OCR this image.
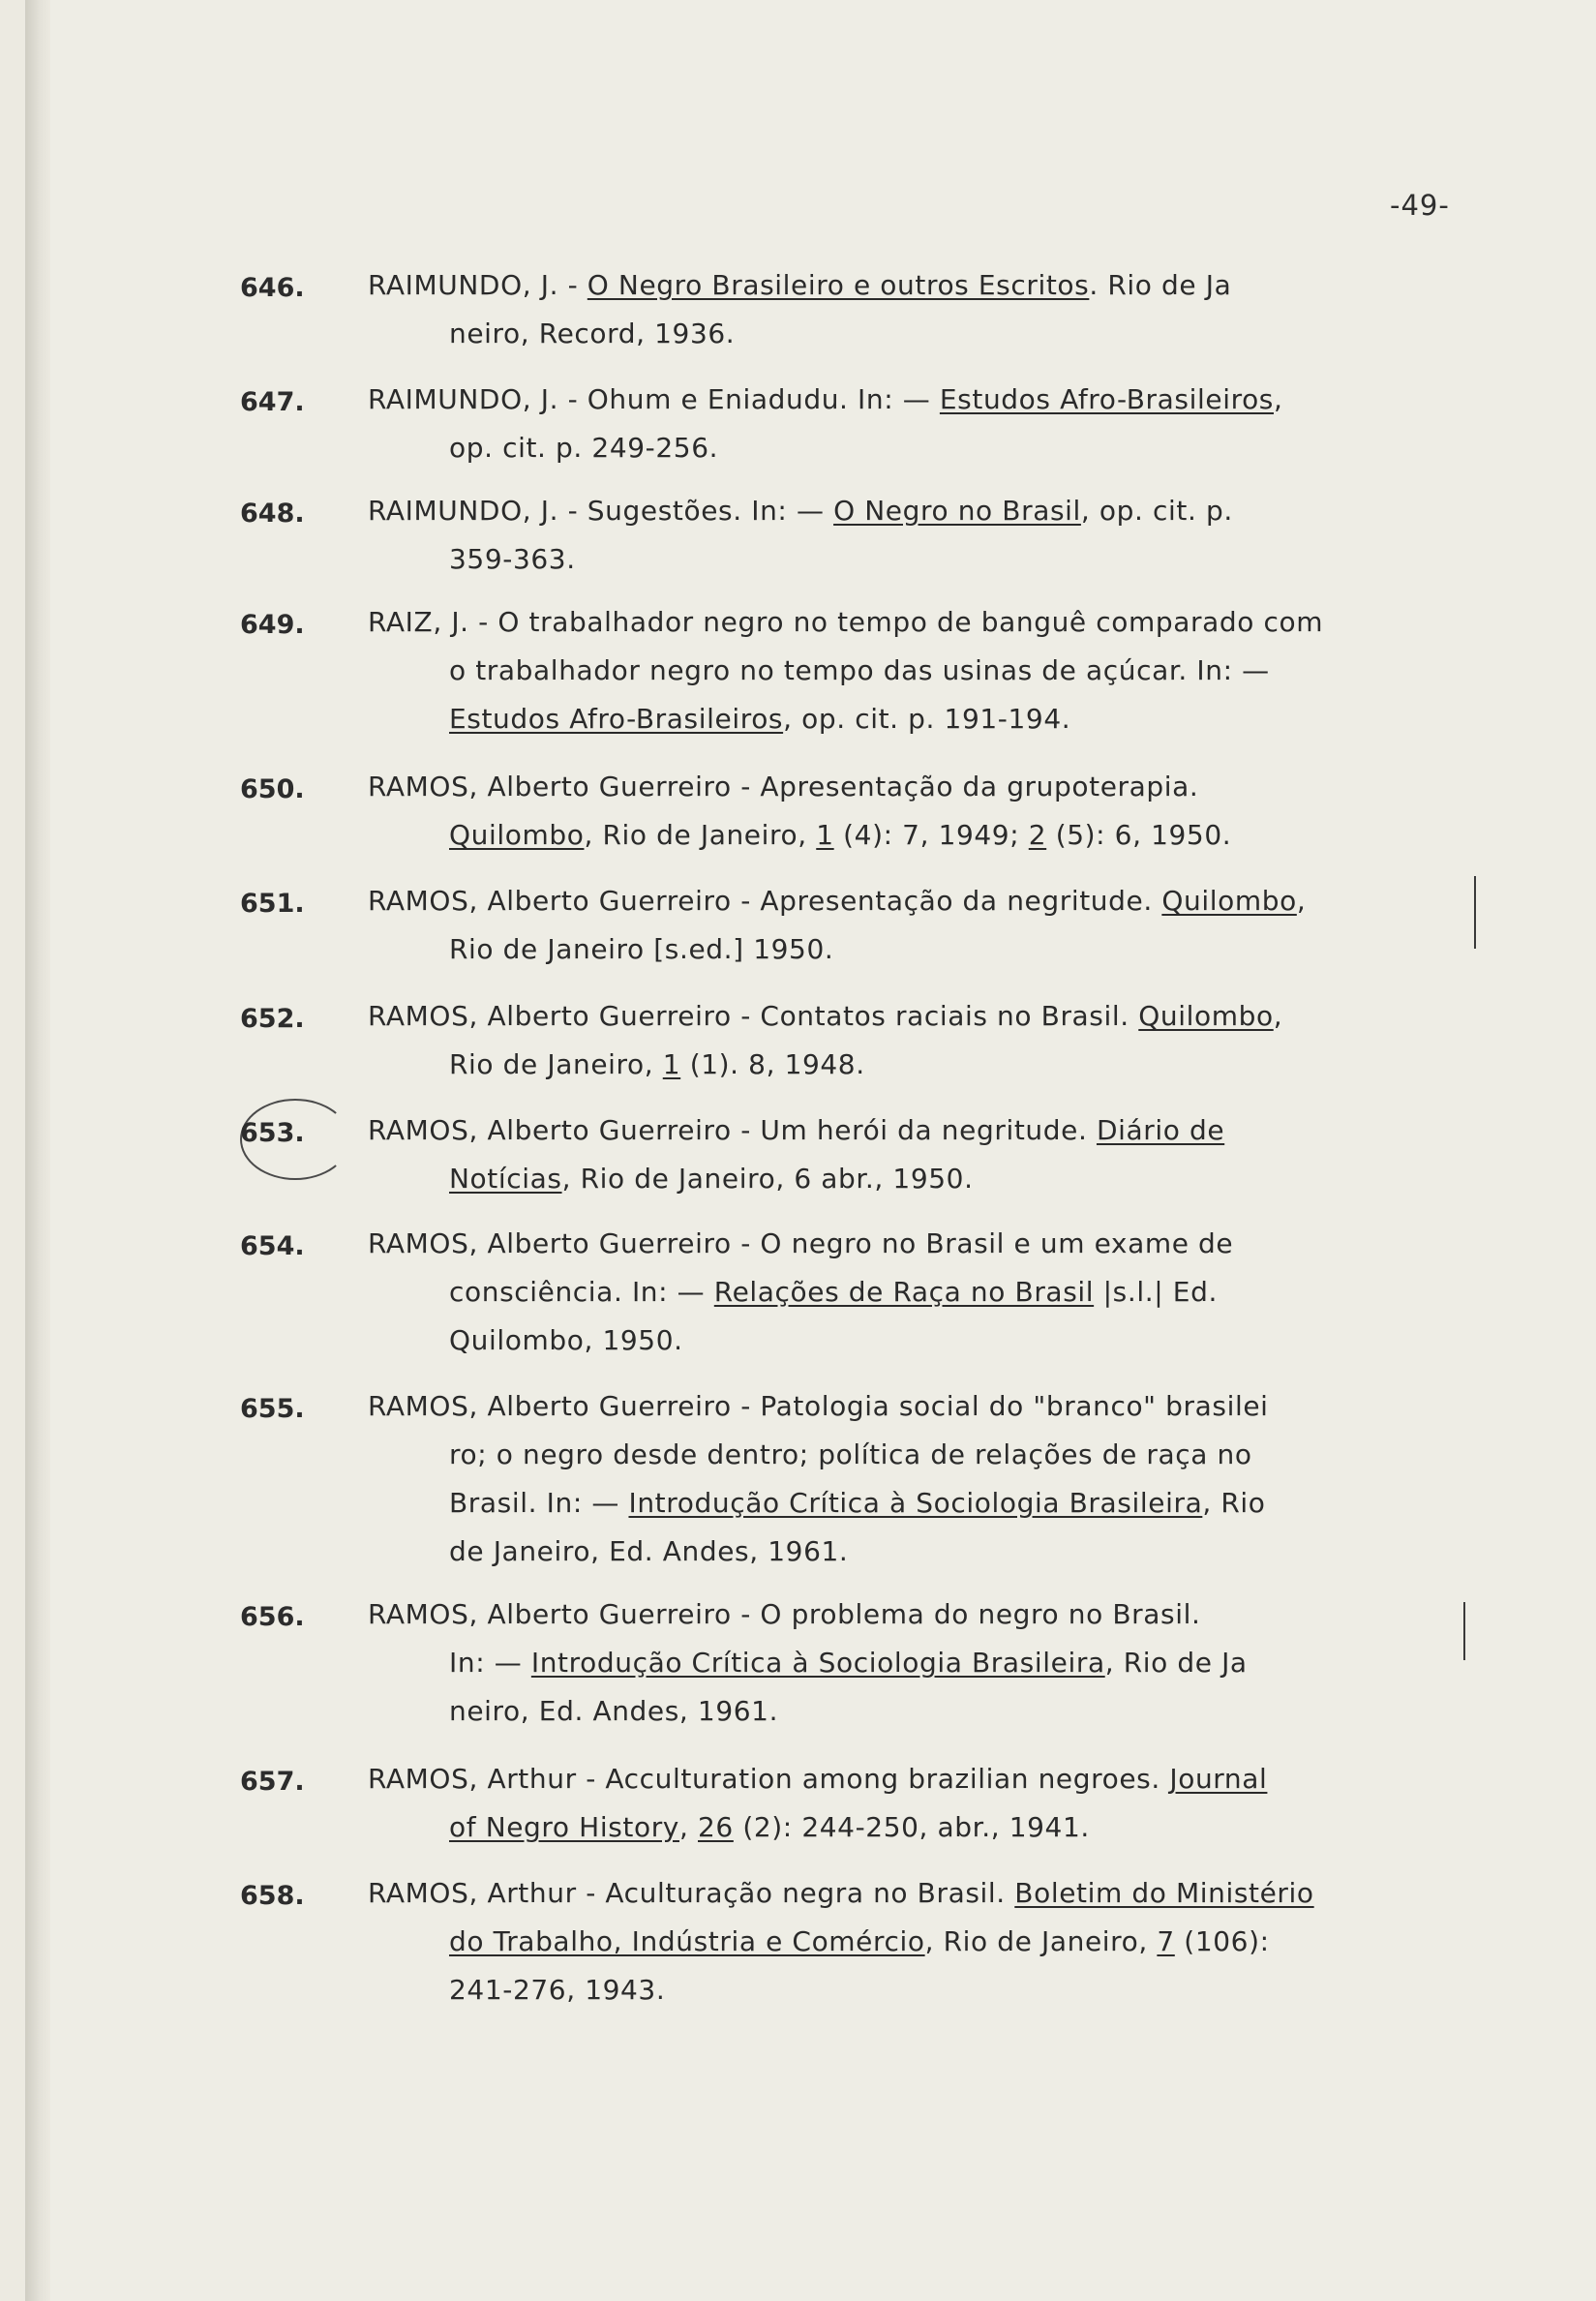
-49-
646.	RAIMUNDO, J. - O Negro Brasileiro e outros Escritos. Rio de Ja
neiro, Record, 1936.
647.	RAIMUNDO, J. - Ohum e Eniadudu. In: — Estudos Afro-Brasileiros,
op. cit. p. 249-256.
648.	RAIMUNDO, J. - Sugestões. In: — O Negro no Brasil, op. cit. p.
359-363.
649.	RAIZ, J. - O trabalhador negro no tempo de banguê comparado com
o trabalhador negro no tempo das usinas de açúcar. In: —
Estudos Afro-Brasileiros, op. cit. p. 191-194.
650.	RAMOS, Alberto Guerreiro - Apresentação da grupoterapia.
Quilombo, Rio de Janeiro, 1 (4): 7, 1949; 2 (5): 6, 1950.
651.	RAMOS, Alberto Guerreiro - Apresentação da negritude. Quilombo,
Rio de Janeiro [s.ed.] 1950.
652.	RAMOS, Alberto Guerreiro - Contatos raciais no Brasil. Quilombo,
Rio de Janeiro, 1 (1). 8, 1948.
653.	RAMOS, Alberto Guerreiro - Um herói da negritude. Diário de
Notícias, Rio de Janeiro, 6 abr., 1950.
654.	RAMOS, Alberto Guerreiro - O negro no Brasil e um exame de
consciência. In: — Relações de Raça no Brasil |s.l.| Ed.
Quilombo, 1950.
655.	RAMOS, Alberto Guerreiro - Patologia social do "branco" brasilei
ro; o negro desde dentro; política de relações de raça no
Brasil. In: — Introdução Crítica à Sociologia Brasileira, Rio
de Janeiro, Ed. Andes, 1961.
656.	RAMOS, Alberto Guerreiro - O problema do negro no Brasil.
In: — Introdução Crítica à Sociologia Brasileira, Rio de Ja
neiro, Ed. Andes, 1961.
657.	RAMOS, Arthur - Acculturation among brazilian negroes. Journal
of Negro History, 26 (2): 244-250, abr., 1941.
658.	RAMOS, Arthur - Aculturação negra no Brasil. Boletim do Ministério
do Trabalho, Indústria e Comércio, Rio de Janeiro, 7 (106):
241-276, 1943.
